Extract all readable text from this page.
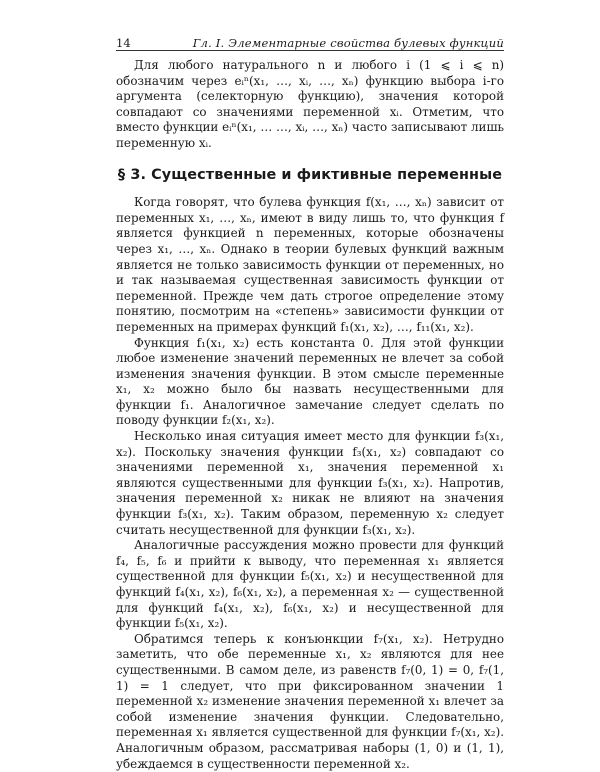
14	Гл. I. Элементарные свойства булевых функций

Для любого натурального n и любого i (1 ⩽ i ⩽ n) обозначим через eᵢⁿ(x₁, …, xᵢ, …, xₙ) функцию выбора i-го аргумента (селекторную функцию), значения которой совпадают со значениями переменной xᵢ. Отметим, что вместо функции eᵢⁿ(x₁, … …, xᵢ, …, xₙ) часто записывают лишь переменную xᵢ.

§ 3. Существенные и фиктивные переменные

Когда говорят, что булева функция f(x₁, …, xₙ) зависит от переменных x₁, …, xₙ, имеют в виду лишь то, что функция f является функцией n переменных, которые обозначены через x₁, …, xₙ. Однако в теории булевых функций важным является не только зависимость функции от переменных, но и так называемая существенная зависимость функции от переменной. Прежде чем дать строгое определение этому понятию, посмотрим на «степень» зависимости функции от переменных на примерах функций f₁(x₁, x₂), …, f₁₁(x₁, x₂).

Функция f₁(x₁, x₂) есть константа 0. Для этой функции любое изменение значений переменных не влечет за собой изменения значения функции. В этом смысле переменные x₁, x₂ можно было бы назвать несущественными для функции f₁. Аналогичное замечание следует сделать по поводу функции f₂(x₁, x₂).

Несколько иная ситуация имеет место для функции f₃(x₁, x₂). Поскольку значения функции f₃(x₁, x₂) совпадают со значениями переменной x₁, значения переменной x₁ являются существенными для функции f₃(x₁, x₂). Напротив, значения переменной x₂ никак не влияют на значения функции f₃(x₁, x₂). Таким образом, переменную x₂ следует считать несущественной для функции f₃(x₁, x₂).

Аналогичные рассуждения можно провести для функций f₄, f₅, f₆ и прийти к выводу, что переменная x₁ является существенной для функции f₅(x₁, x₂) и несущественной для функций f₄(x₁, x₂), f₆(x₁, x₂), а переменная x₂ — существенной для функций f₄(x₁, x₂), f₆(x₁, x₂) и несущественной для функции f₅(x₁, x₂).

Обратимся теперь к конъюнкции f₇(x₁, x₂). Нетрудно заметить, что обе переменные x₁, x₂ являются для нее существенными. В самом деле, из равенств f₇(0, 1) = 0, f₇(1, 1) = 1 следует, что при фиксированном значении 1 переменной x₂ изменение значения переменной x₁ влечет за собой изменение значения функции. Следовательно, переменная x₁ является существенной для функции f₇(x₁, x₂). Аналогичным образом, рассматривая наборы (1, 0) и (1, 1), убеждаемся в существенности переменной x₂.
